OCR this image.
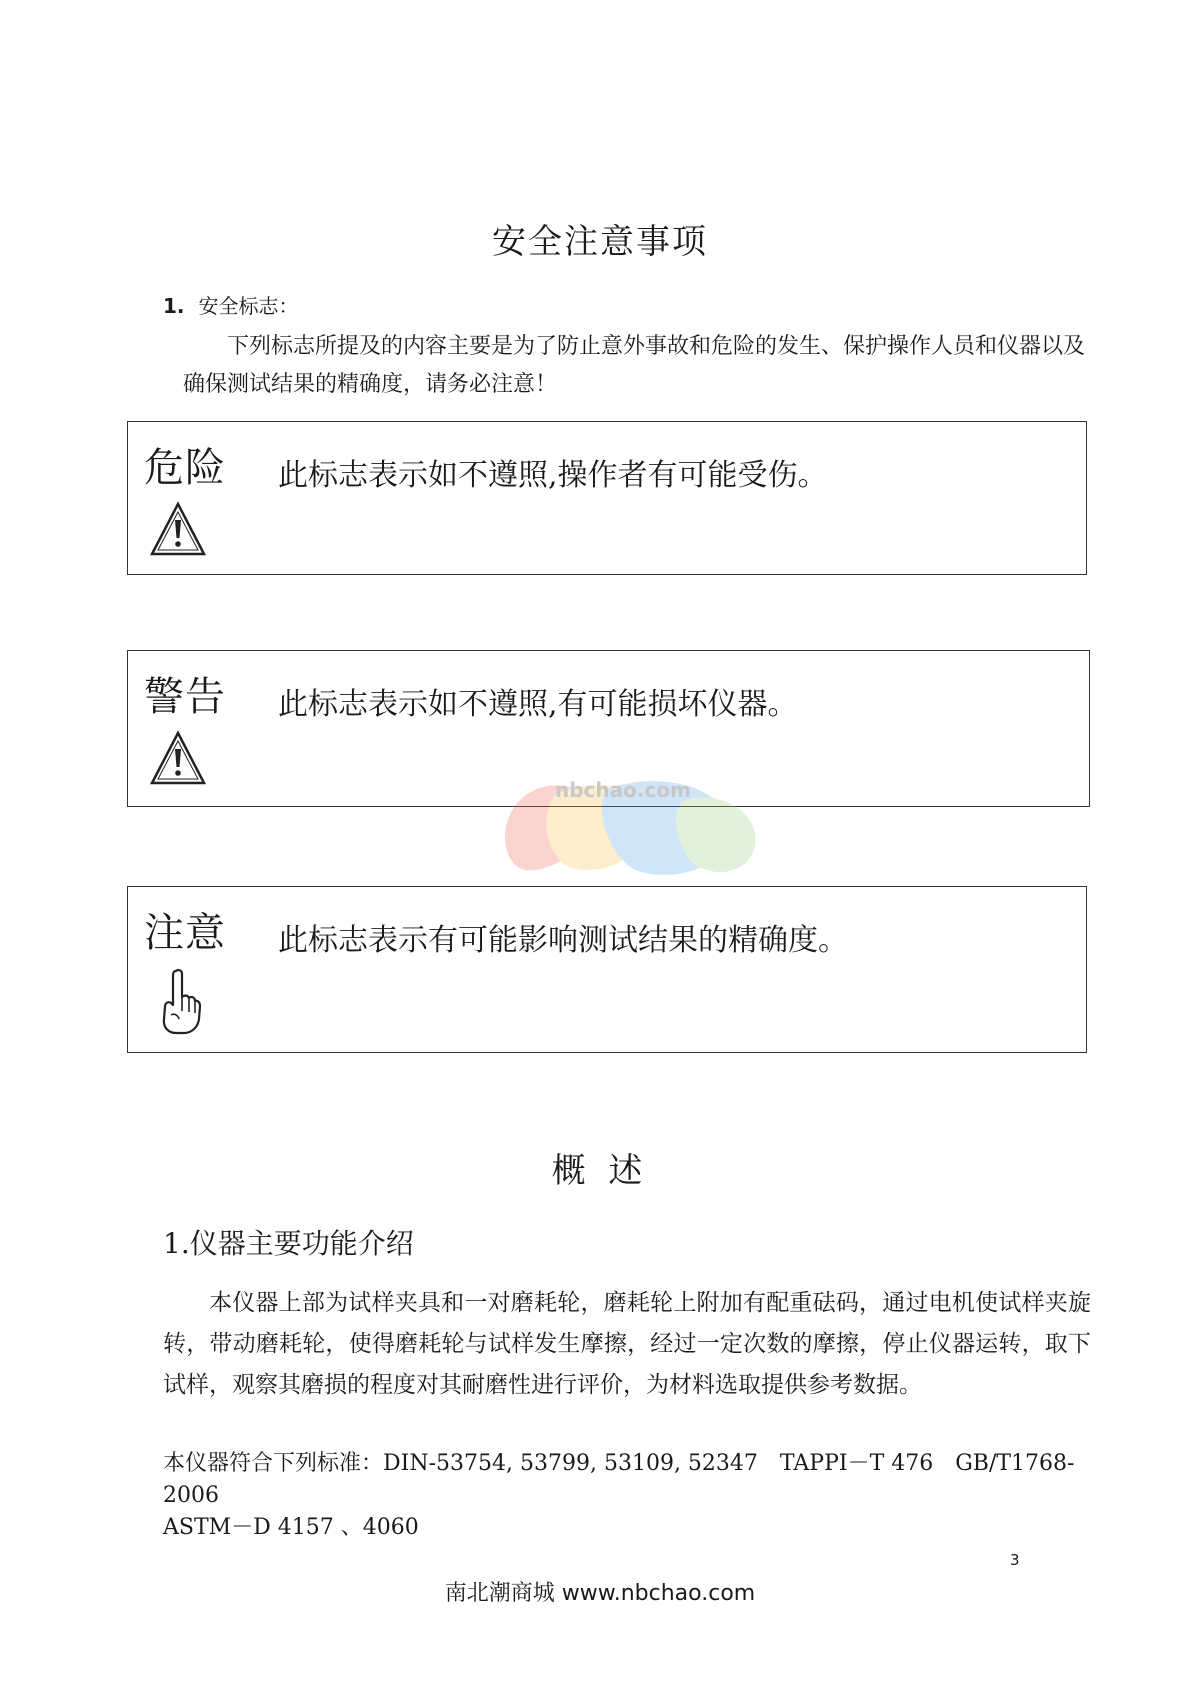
安全注意事项
1. 安全标志：
下列标志所提及的内容主要是为了防止意外事故和危险的发生、保护操作人员和仪器以及确保测试结果的精确度，请务必注意！
危险 此标志表示如不遵照,操作者有可能受伤。
警告 此标志表示如不遵照,有可能损坏仪器。
nbchao.com
注意 此标志表示有可能影响测试结果的精确度。
概 述
1.仪器主要功能介绍
本仪器上部为试样夹具和一对磨耗轮，磨耗轮上附加有配重砝码，通过电机使试样夹旋转，带动磨耗轮，使得磨耗轮与试样发生摩擦，经过一定次数的摩擦，停止仪器运转，取下试样，观察其磨损的程度对其耐磨性进行评价，为材料选取提供参考数据。
本仪器符合下列标准：DIN-53754, 53799, 53109, 52347　TAPPI－T 476　GB/T1768-2006
ASTM－D 4157 、4060
3
南北潮商城 www.nbchao.com
